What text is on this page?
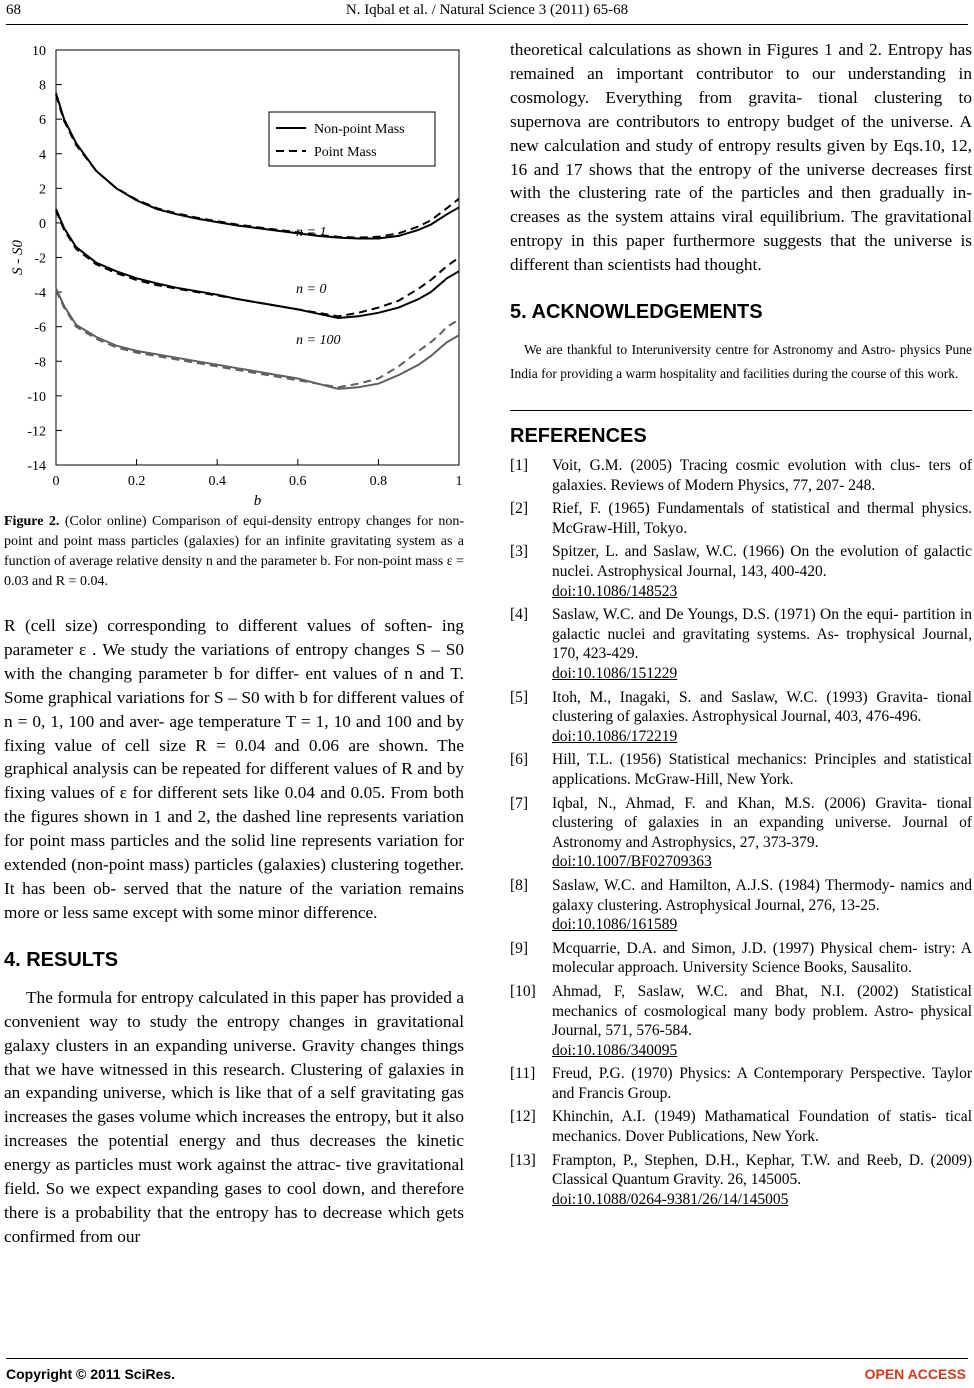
68	N. Iqbal et al. / Natural Science 3 (2011) 65-68
10
8
6
4
2
0
-2
-4
-6
-8
-10
-12
-14
0	0.2	0.4	0.6	0.8	1
b
S - S0
Non-point Mass
Point Mass
n = 1
n = 0
n = 100
Figure 2. (Color online) Comparison of equi-density entropy changes for non-point and point mass particles (galaxies) for an infinite gravitating system as a function of average relative density n and the parameter b. For non-point mass ε = 0.03 and R = 0.04.

R (cell size) corresponding to different values of soften- ing parameter ε . We study the variations of entropy changes S – S0 with the changing parameter b for differ- ent values of n and T. Some graphical variations for S – S0 with b for different values of n = 0, 1, 100 and aver- age temperature T = 1, 10 and 100 and by fixing value of cell size R = 0.04 and 0.06 are shown. The graphical analysis can be repeated for different values of R and by fixing values of ε for different sets like 0.04 and 0.05. From both the figures shown in 1 and 2, the dashed line represents variation for point mass particles and the solid line represents variation for extended (non-point mass) particles (galaxies) clustering together. It has been ob- served that the nature of the variation remains more or less same except with some minor difference.

4. RESULTS

The formula for entropy calculated in this paper has provided a convenient way to study the entropy changes in gravitational galaxy clusters in an expanding universe. Gravity changes things that we have witnessed in this research. Clustering of galaxies in an expanding universe, which is like that of a self gravitating gas increases the gases volume which increases the entropy, but it also increases the potential energy and thus decreases the kinetic energy as particles must work against the attrac- tive gravitational field. So we expect expanding gases to cool down, and therefore there is a probability that the entropy has to decrease which gets confirmed from our

theoretical calculations as shown in Figures 1 and 2. Entropy has remained an important contributor to our understanding in cosmology. Everything from gravita- tional clustering to supernova are contributors to entropy budget of the universe. A new calculation and study of entropy results given by Eqs.10, 12, 16 and 17 shows that the entropy of the universe decreases first with the clustering rate of the particles and then gradually in- creases as the system attains viral equilibrium. The gravitational entropy in this paper furthermore suggests that the universe is different than scientists had thought.

5. ACKNOWLEDGEMENTS

We are thankful to Interuniversity centre for Astronomy and Astro- physics Pune India for providing a warm hospitality and facilities during the course of this work.

REFERENCES
[1] Voit, G.M. (2005) Tracing cosmic evolution with clus- ters of galaxies. Reviews of Modern Physics, 77, 207- 248.
[2] Rief, F. (1965) Fundamentals of statistical and thermal physics. McGraw-Hill, Tokyo.
[3] Spitzer, L. and Saslaw, W.C. (1966) On the evolution of galactic nuclei. Astrophysical Journal, 143, 400-420.
doi:10.1086/148523
[4] Saslaw, W.C. and De Youngs, D.S. (1971) On the equi- partition in galactic nuclei and gravitating systems. As- trophysical Journal, 170, 423-429.
doi:10.1086/151229
[5] Itoh, M., Inagaki, S. and Saslaw, W.C. (1993) Gravita- tional clustering of galaxies. Astrophysical Journal, 403, 476-496.
doi:10.1086/172219
[6] Hill, T.L. (1956) Statistical mechanics: Principles and statistical applications. McGraw-Hill, New York.
[7] Iqbal, N., Ahmad, F. and Khan, M.S. (2006) Gravita- tional clustering of galaxies in an expanding universe. Journal of Astronomy and Astrophysics, 27, 373-379.
doi:10.1007/BF02709363
[8] Saslaw, W.C. and Hamilton, A.J.S. (1984) Thermody- namics and galaxy clustering. Astrophysical Journal, 276, 13-25.
doi:10.1086/161589
[9] Mcquarrie, D.A. and Simon, J.D. (1997) Physical chem- istry: A molecular approach. University Science Books, Sausalito.
[10] Ahmad, F, Saslaw, W.C. and Bhat, N.I. (2002) Statistical mechanics of cosmological many body problem. Astro- physical Journal, 571, 576-584.
doi:10.1086/340095
[11] Freud, P.G. (1970) Physics: A Contemporary Perspective. Taylor and Francis Group.
[12] Khinchin, A.I. (1949) Mathamatical Foundation of statis- tical mechanics. Dover Publications, New York.
[13] Frampton, P., Stephen, D.H., Kephar, T.W. and Reeb, D. (2009) Classical Quantum Gravity. 26, 145005.
doi:10.1088/0264-9381/26/14/145005
Copyright © 2011 SciRes.	OPEN ACCESS
